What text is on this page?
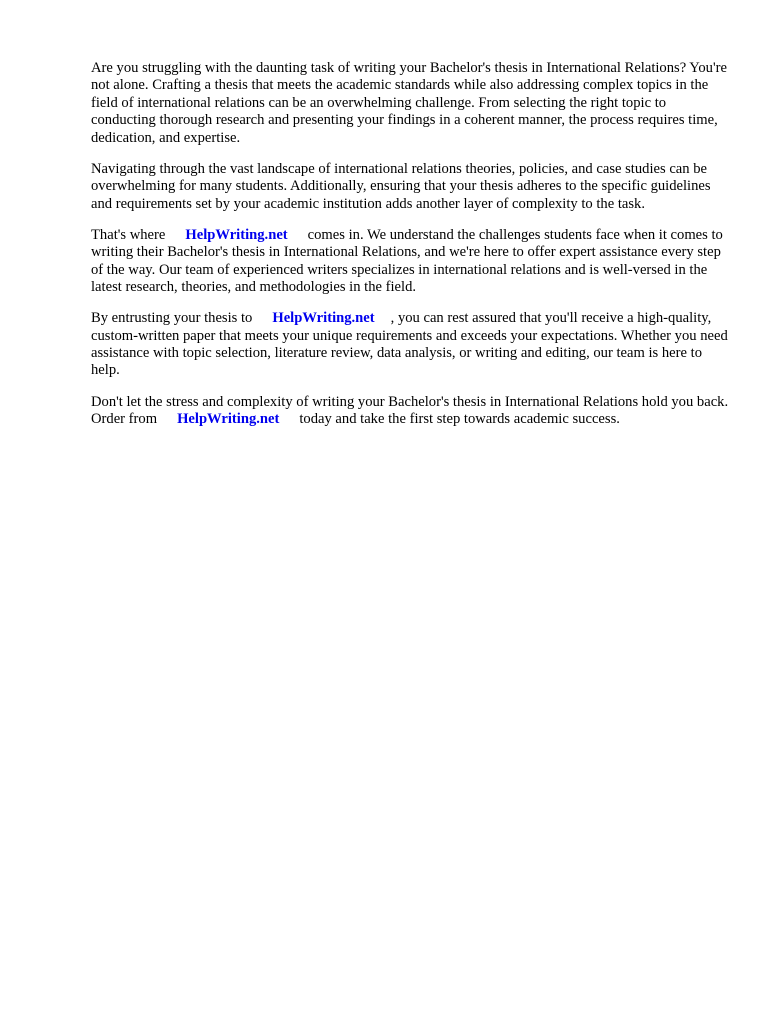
Are you struggling with the daunting task of writing your Bachelor's thesis in International Relations? You're not alone. Crafting a thesis that meets the academic standards while also addressing complex topics in the field of international relations can be an overwhelming challenge. From selecting the right topic to conducting thorough research and presenting your findings in a coherent manner, the process requires time, dedication, and expertise.

Navigating through the vast landscape of international relations theories, policies, and case studies can be overwhelming for many students. Additionally, ensuring that your thesis adheres to the specific guidelines and requirements set by your academic institution adds another layer of complexity to the task.

That's where HelpWriting.net comes in. We understand the challenges students face when it comes to writing their Bachelor's thesis in International Relations, and we're here to offer expert assistance every step of the way. Our team of experienced writers specializes in international relations and is well-versed in the latest research, theories, and methodologies in the field.

By entrusting your thesis to HelpWriting.net , you can rest assured that you'll receive a high-quality, custom-written paper that meets your unique requirements and exceeds your expectations. Whether you need assistance with topic selection, literature review, data analysis, or writing and editing, our team is here to help.

Don't let the stress and complexity of writing your Bachelor's thesis in International Relations hold you back. Order from HelpWriting.net today and take the first step towards academic success.
